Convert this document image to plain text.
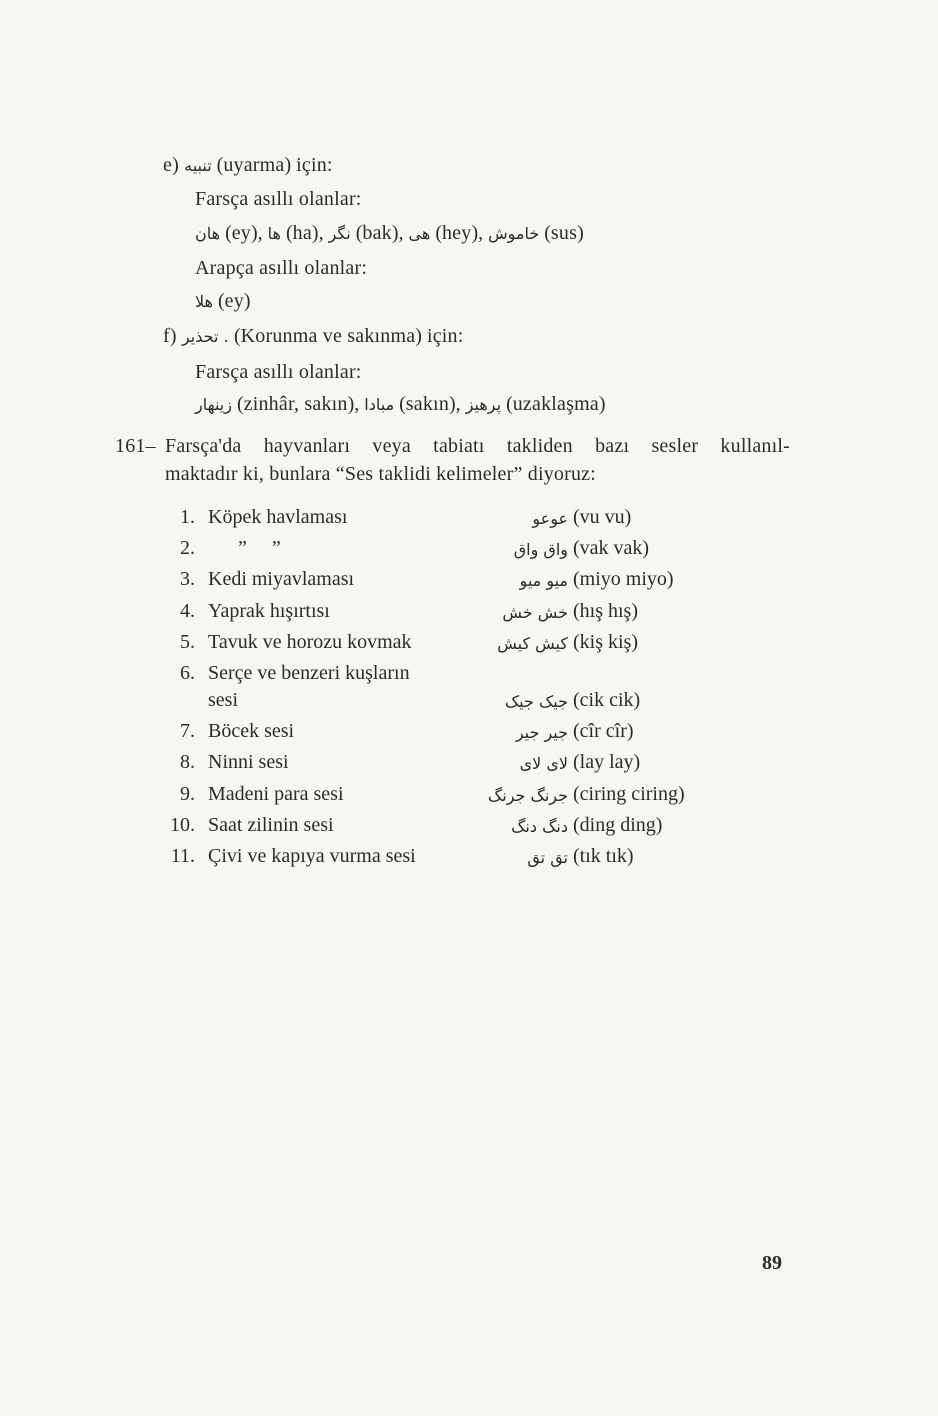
e) تنبیه (uyarma) için:
Farsça asıllı olanlar:
هان (ey), ها (ha), نگر (bak), هی (hey), خاموش (sus)
Arapça asıllı olanlar:
هلا (ey)
f) . تحذیر (Korunma ve sakınma) için:
Farsça asıllı olanlar:
زینهار (zinhâr, sakın), مبادا (sakın), پرهیز (uzaklaşma)
161– Farsça'da hayvanları veya tabiatı takliden bazı sesler kullanıl-
maktadır ki, bunlara “Ses taklidi kelimeler” diyoruz:
1. Köpek havlaması	عوعو (vu vu)
2. ”     ”	واق واق (vak vak)
3. Kedi miyavlaması	میو میو (miyo miyo)
4. Yaprak hışırtısı	خش خش (hış hış)
5. Tavuk ve horozu kovmak	کیش کیش (kiş kiş)
6. Serçe ve benzeri kuşların
sesi	جیک جیک (cik cik)
7. Böcek sesi	جیر جیر (cîr cîr)
8. Ninni sesi	لای لای (lay lay)
9. Madeni para sesi	جرنگ جرنگ (ciring ciring)
10. Saat zilinin sesi	دنگ دنگ (ding ding)
11. Çivi ve kapıya vurma sesi	تق تق (tık tık)
89
